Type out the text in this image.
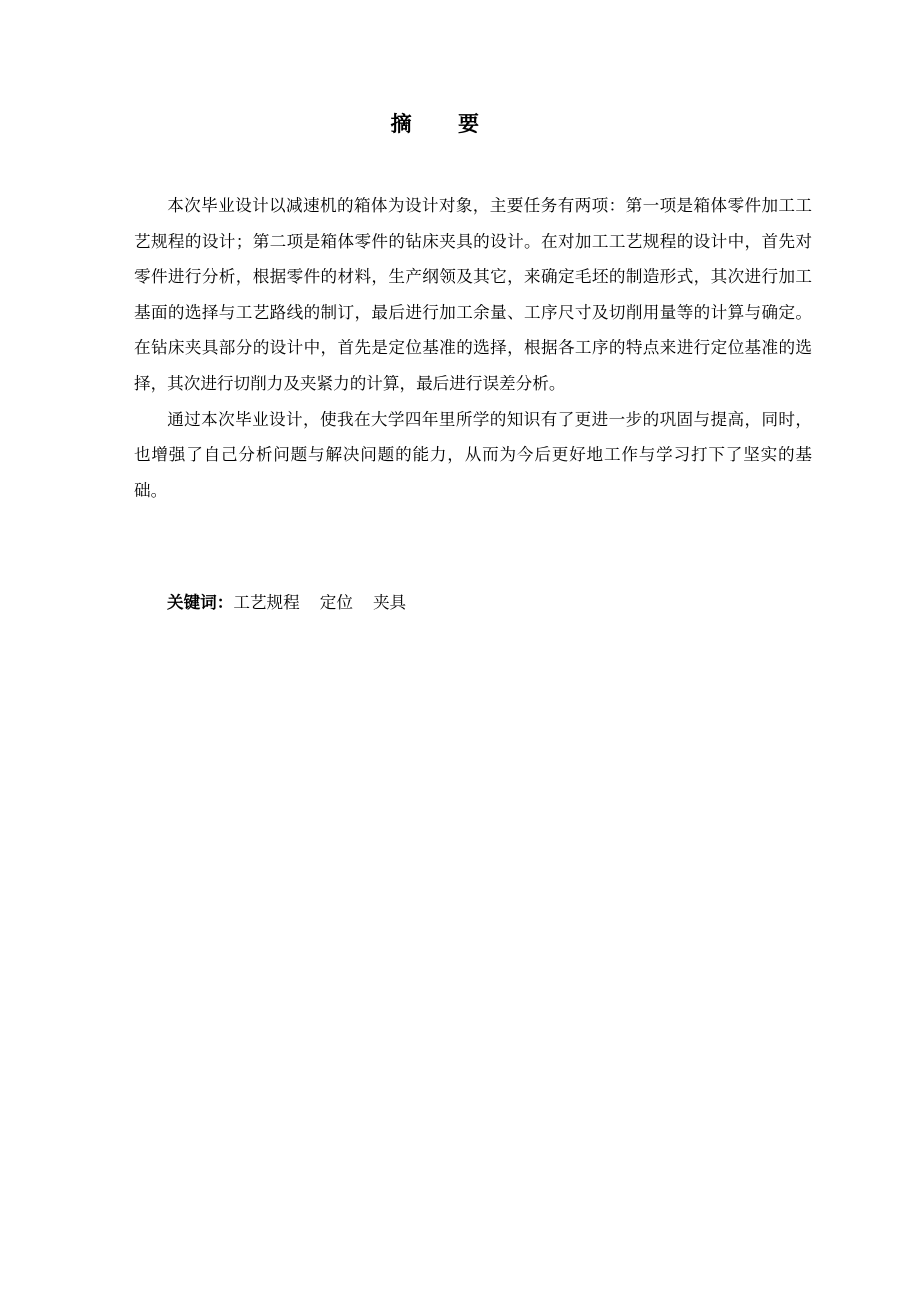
摘 要

本次毕业设计以减速机的箱体为设计对象，主要任务有两项：第一项是箱体零件加工工艺规程的设计；第二项是箱体零件的钻床夹具的设计。在对加工工艺规程的设计中，首先对零件进行分析，根据零件的材料，生产纲领及其它，来确定毛坯的制造形式，其次进行加工基面的选择与工艺路线的制订，最后进行加工余量、工序尺寸及切削用量等的计算与确定。在钻床夹具部分的设计中，首先是定位基准的选择，根据各工序的特点来进行定位基准的选择，其次进行切削力及夹紧力的计算，最后进行误差分析。

通过本次毕业设计，使我在大学四年里所学的知识有了更进一步的巩固与提高，同时，也增强了自己分析问题与解决问题的能力，从而为今后更好地工作与学习打下了坚实的基础。

关键词：工艺规程 定位 夹具
